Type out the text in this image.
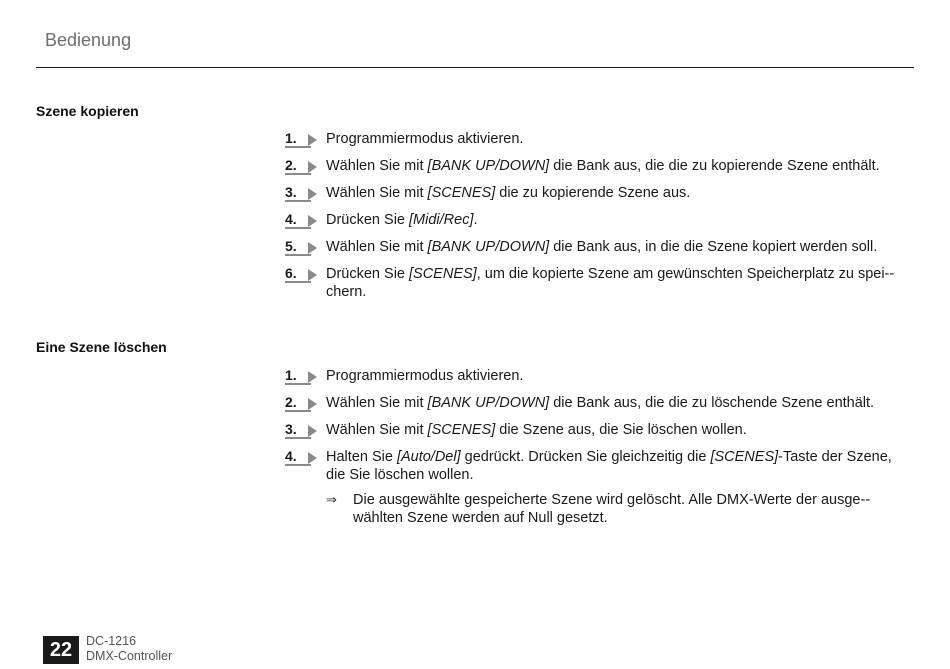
Bedienung
Szene kopieren
1.	Programmiermodus aktivieren.
2.	Wählen Sie mit [BANK UP/DOWN] die Bank aus, die die zu kopierende Szene enthält.
3.	Wählen Sie mit [SCENES] die zu kopierende Szene aus.
4.	Drücken Sie [Midi/Rec].
5.	Wählen Sie mit [BANK UP/DOWN] die Bank aus, in die die Szene kopiert werden soll.
6.	Drücken Sie [SCENES], um die kopierte Szene am gewünschten Speicherplatz zu spei-chern.
Eine Szene löschen
1.	Programmiermodus aktivieren.
2.	Wählen Sie mit [BANK UP/DOWN] die Bank aus, die die zu löschende Szene enthält.
3.	Wählen Sie mit [SCENES] die Szene aus, die Sie löschen wollen.
4.	Halten Sie [Auto/Del] gedrückt. Drücken Sie gleichzeitig die [SCENES]-Taste der Szene, die Sie löschen wollen.
⇒ Die ausgewählte gespeicherte Szene wird gelöscht. Alle DMX-Werte der ausge-wählten Szene werden auf Null gesetzt.
22	DC-1216
DMX-Controller
